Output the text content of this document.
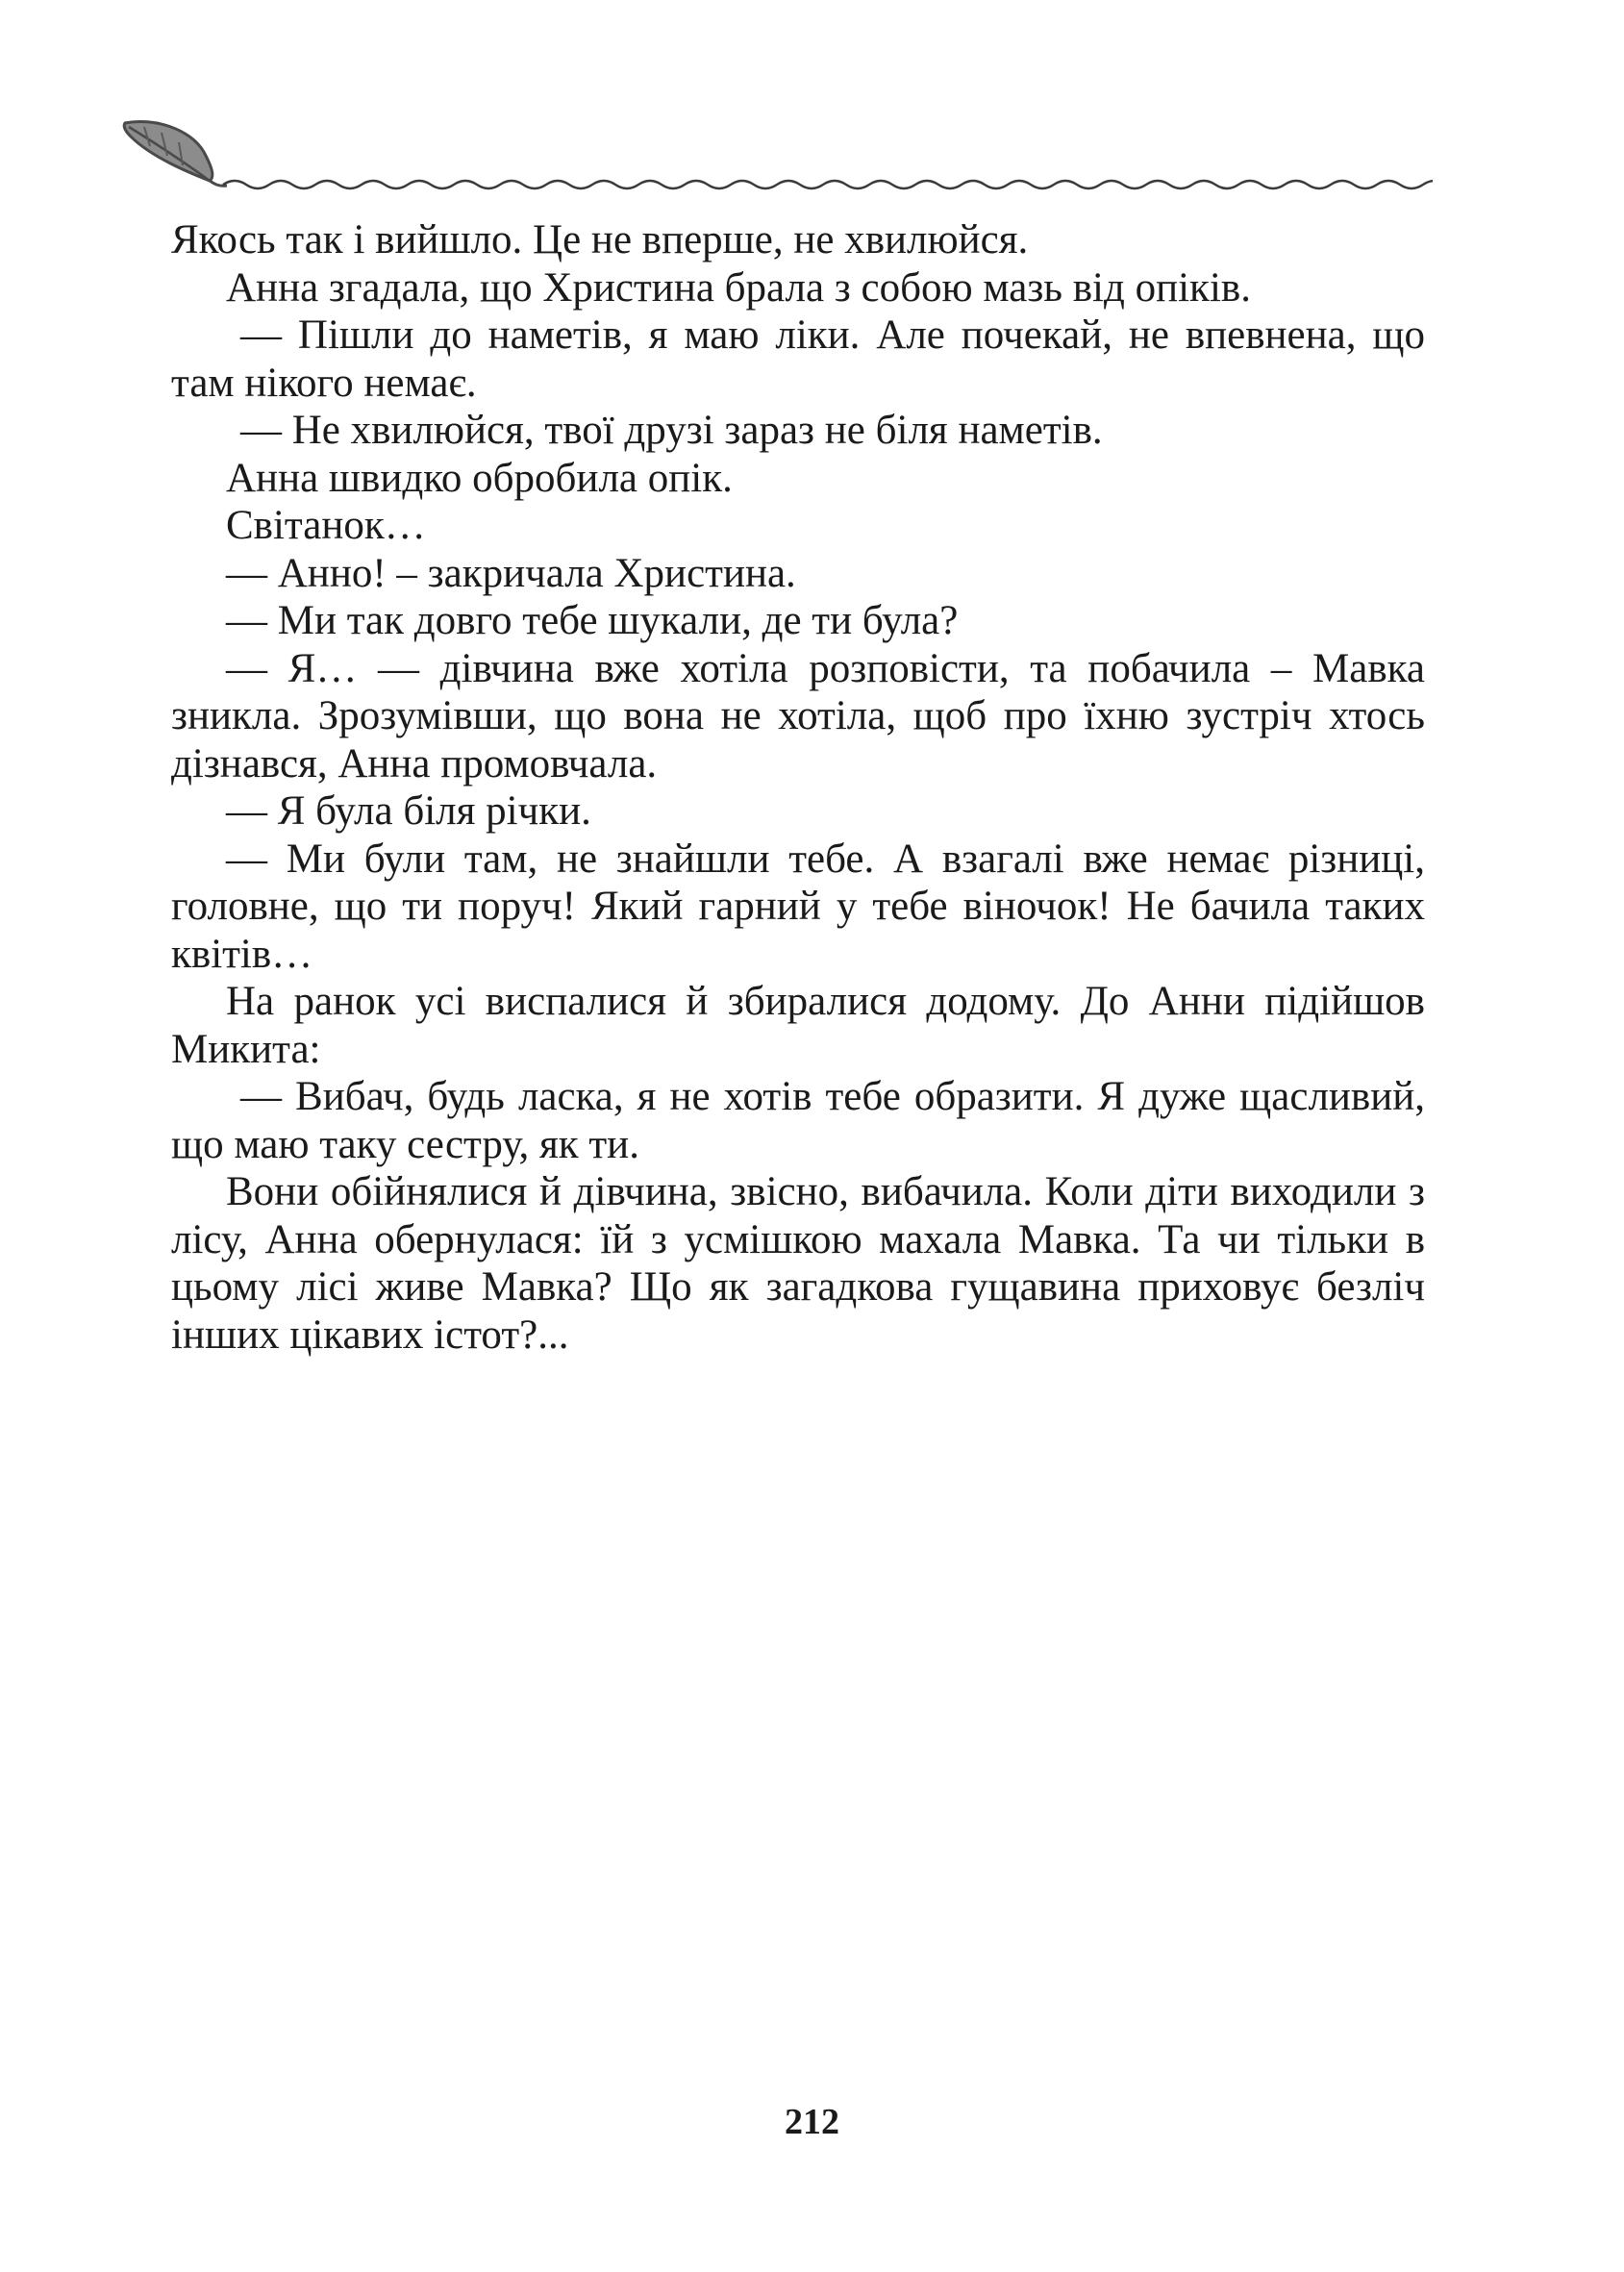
Якось так і вийшло. Це не вперше, не хвилюйся.

Анна згадала, що Христина брала з собою мазь від опіків.

— Пішли до наметів, я маю ліки. Але почекай, не впевнена, що там нікого немає.

— Не хвилюйся, твої друзі зараз не біля наметів.

Анна швидко обробила опік.

Світанок…

— Анно! – закричала Христина.

— Ми так довго тебе шукали, де ти була?

— Я… — дівчина вже хотіла розповісти, та побачила – Мавка зникла. Зрозумівши, що вона не хотіла, щоб про їхню зустріч хтось дізнався, Анна промовчала.

— Я була біля річки.

— Ми були там, не знайшли тебе. А взагалі вже немає різниці, головне, що ти поруч! Який гарний у тебе віночок! Не бачила таких квітів…

На ранок усі виспалися й збиралися додому. До Анни підійшов Микита:

— Вибач, будь ласка, я не хотів тебе образити. Я дуже щасливий, що маю таку сестру, як ти.

Вони обійнялися й дівчина, звісно, вибачила. Коли діти виходили з лісу, Анна обернулася: їй з усмішкою махала Мавка. Та чи тільки в цьому лісі живе Мавка? Що як загадкова гущавина приховує безліч інших цікавих істот?...

212
